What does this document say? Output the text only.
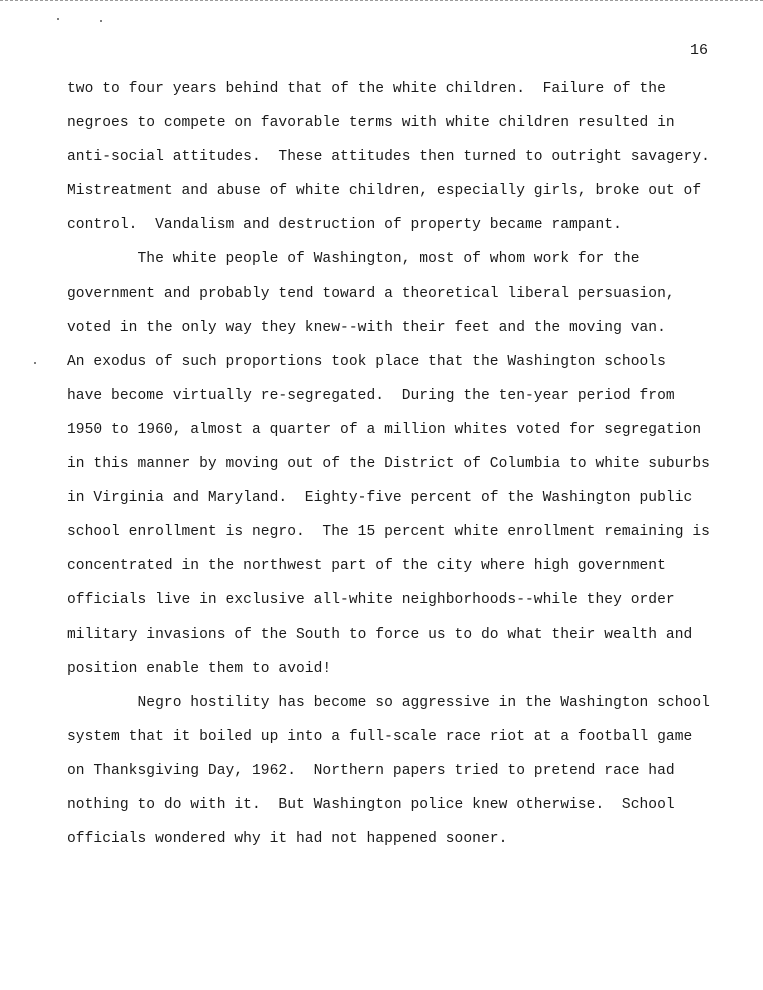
16
two to four years behind that of the white children.  Failure of the
negroes to compete on favorable terms with white children resulted in
anti-social attitudes.  These attitudes then turned to outright savagery.
Mistreatment and abuse of white children, especially girls, broke out of
control.  Vandalism and destruction of property became rampant.
The white people of Washington, most of whom work for the
government and probably tend toward a theoretical liberal persuasion,
voted in the only way they knew--with their feet and the moving van.
An exodus of such proportions took place that the Washington schools
have become virtually re-segregated.  During the ten-year period from
1950 to 1960, almost a quarter of a million whites voted for segregation
in this manner by moving out of the District of Columbia to white suburbs
in Virginia and Maryland.  Eighty-five percent of the Washington public
school enrollment is negro.  The 15 percent white enrollment remaining is
concentrated in the northwest part of the city where high government
officials live in exclusive all-white neighborhoods--while they order
military invasions of the South to force us to do what their wealth and
position enable them to avoid!
Negro hostility has become so aggressive in the Washington school
system that it boiled up into a full-scale race riot at a football game
on Thanksgiving Day, 1962.  Northern papers tried to pretend race had
nothing to do with it.  But Washington police knew otherwise.  School
officials wondered why it had not happened sooner.
